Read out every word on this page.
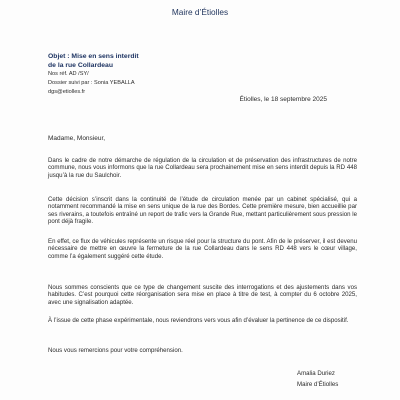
Maire d’Étiolles
Objet : Mise en sens interdit
de la rue Collardeau
Nos réf. AD /SY/
Dossier suivi par : Sonia YEBALLA
dgs@etiolles.fr
Étiolles, le 18 septembre 2025
Madame, Monsieur,
Dans le cadre de notre démarche de régulation de la circulation et de préservation des infrastructures de notre commune, nous vous informons que la rue Collardeau sera prochainement mise en sens interdit depuis la RD 448 jusqu’à la rue du Saulchoir.
Cette décision s’inscrit dans la continuité de l’étude de circulation menée par un cabinet spécialisé, qui a notamment recommandé la mise en sens unique de la rue des Bordes. Cette première mesure, bien accueillie par ses riverains, a toutefois entraîné un report de trafic vers la Grande Rue, mettant particulièrement sous pression le pont déjà fragile.
En effet, ce flux de véhicules représente un risque réel pour la structure du pont. Afin de le préserver, il est devenu nécessaire de mettre en œuvre la fermeture de la rue Collardeau dans le sens RD 448 vers le cœur village, comme l’a également suggéré cette étude.
Nous sommes conscients que ce type de changement suscite des interrogations et des ajustements dans vos habitudes. C’est pourquoi cette réorganisation sera mise en place à titre de test, à compter du 6 octobre 2025, avec une signalisation adaptée.
À l’issue de cette phase expérimentale, nous reviendrons vers vous afin d’évaluer la pertinence de ce dispositif.
Nous vous remercions pour votre compréhension.
Amalia Duriez
Maire d’Étiolles
